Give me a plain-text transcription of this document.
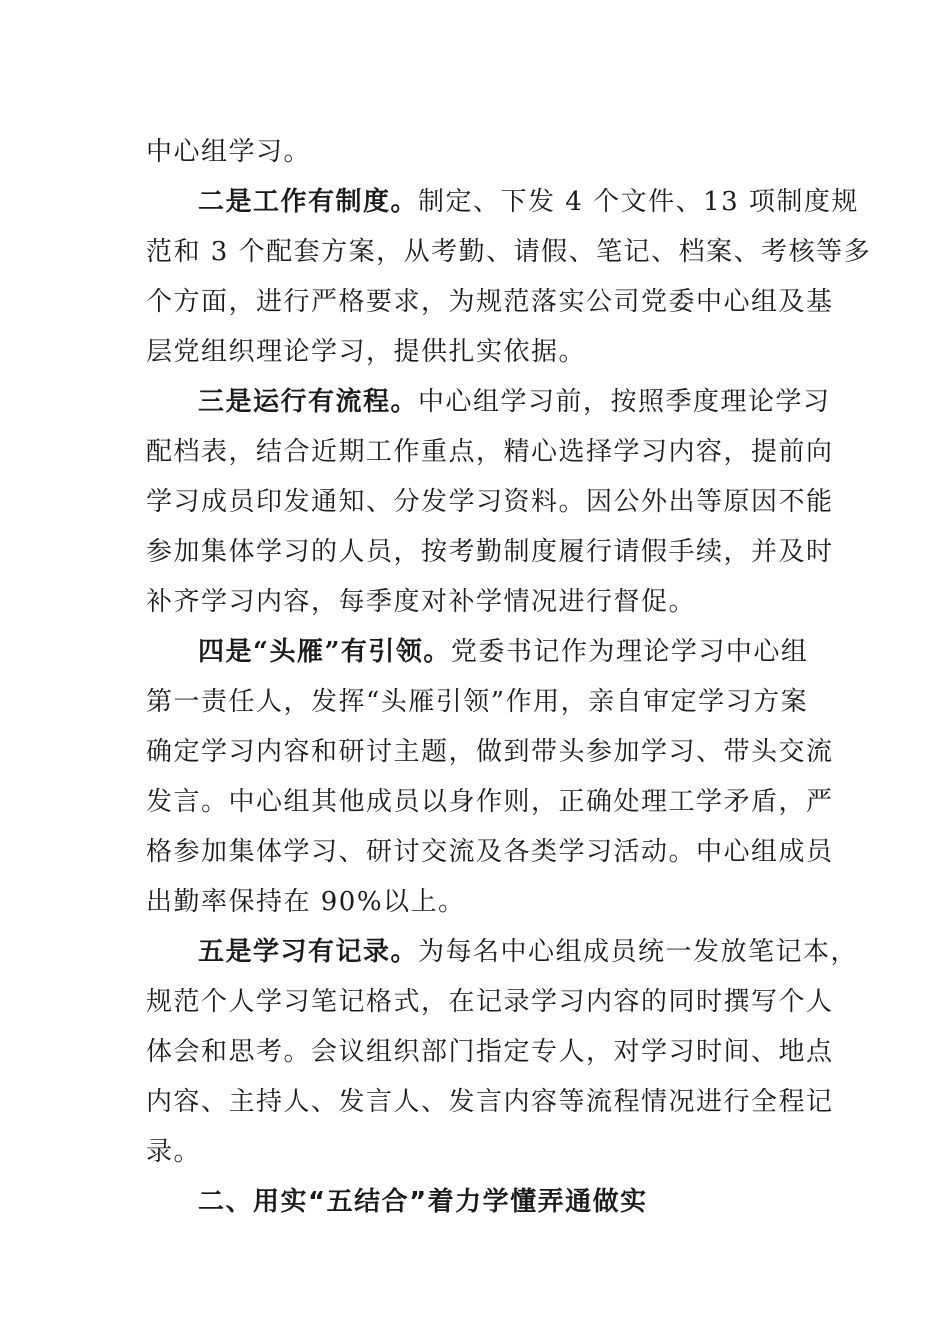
中心组学习。
二是工作有制度。制定、下发 4 个文件、13 项制度规
范和 3 个配套方案，从考勤、请假、笔记、档案、考核等多
个方面，进行严格要求，为规范落实公司党委中心组及基
层党组织理论学习，提供扎实依据。
三是运行有流程。中心组学习前，按照季度理论学习
配档表，结合近期工作重点，精心选择学习内容，提前向
学习成员印发通知、分发学习资料。因公外出等原因不能
参加集体学习的人员，按考勤制度履行请假手续，并及时
补齐学习内容，每季度对补学情况进行督促。
四是“头雁”有引领。党委书记作为理论学习中心组
第一责任人，发挥“头雁引领”作用，亲自审定学习方案
确定学习内容和研讨主题，做到带头参加学习、带头交流
发言。中心组其他成员以身作则，正确处理工学矛盾，严
格参加集体学习、研讨交流及各类学习活动。中心组成员
出勤率保持在 90%以上。
五是学习有记录。为每名中心组成员统一发放笔记本，
规范个人学习笔记格式，在记录学习内容的同时撰写个人
体会和思考。会议组织部门指定专人，对学习时间、地点
内容、主持人、发言人、发言内容等流程情况进行全程记
录。
二、用实“五结合”着力学懂弄通做实
